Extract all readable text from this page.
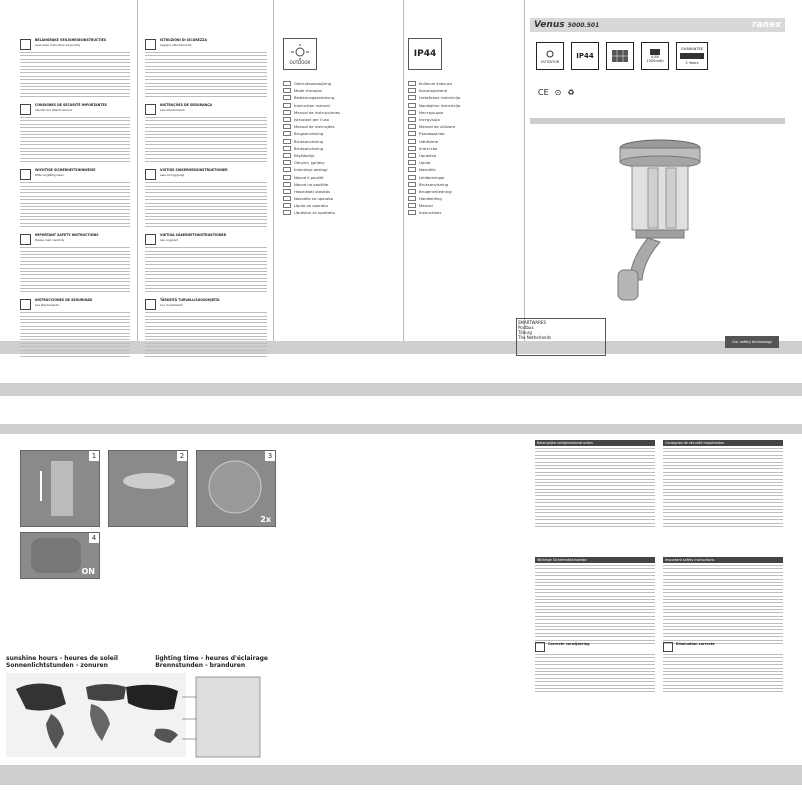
BELANGRIJKE VEILIGHEIDSINSTRUCTIES
Lees deze instructies zorgvuldig
CONSIGNES DE SÉCURITÉ IMPORTANTES
Veuillez lire attentivement
WICHTIGE SICHERHEITSHINWEISE
Bitte sorgfältig lesen
IMPORTANT SAFETY INSTRUCTIONS
Please read carefully
INSTRUCCIONES DE SEGURIDAD
Lea atentamente
ISTRUZIONI DI SICUREZZA
Leggere attentamente
INSTRUÇÕES DE SEGURANÇA
Leia atentamente
VIGTIGE SIKKERHEDSINSTRUKTIONER
Læs omhyggeligt
VIKTIGA SÄKERHETSINSTRUKTIONER
Läs noggrant
TÄRKEITÄ TURVALLISUUSOHJEITA
Lue huolellisesti
OUTDOOR
Gebruiksaanwijzing
Mode d'emploi
Bedienungsanleitung
Instruction manual
Manual de instrucciones
Istruzioni per l'uso
Manual de instruções
Brugsanvisning
Bruksanvisning
Bruksanvisning
Käyttöohje
Οδηγίες χρήσης
Instrukcja obsługi
Návod k použití
Návod na použitie
Használati utasítás
Navodila za uporabo
Upute za uporabu
Uputstvo za upotrebu
IP44
Kullanım kılavuzu
Kasutusjuhend
Lietošanas instrukcija
Naudojimo instrukcija
Инструкция
Інструкція
Manual de utilizare
Ръководство
Udhëzime
Упатство
Uputstvo
Upute
Navodila
Leidbeiningar
Bruksanvisning
Brugervejledning
Handleiding
Manuel
Instructions
Venus 5000.501	ranex
OUTDOOR
IP44	4,8V
1000mAh
GUARANTEE
2 Years
CE ⊙ ♻
SMARTWARES
Postbus
Tilburg
The Netherlands
Our safety technology
1	2	3
2x
4
ON
sunshine hours - heures de soleil
Sonnenlichtstunden - zonuren
lighting time - heures d'éclairage
Brennstunden - branduren
Belangrijke veiligheidsinstructies	Consignes de sécurité importantes
Wichtige Sicherheitshinweise	Important safety instructions
Correcte verwijdering	Elimination correcte
